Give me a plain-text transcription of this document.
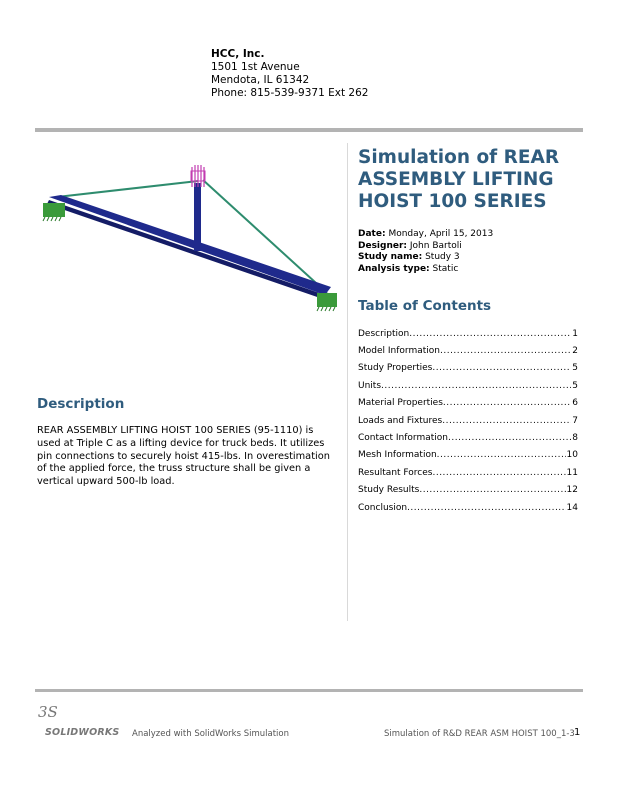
HCC, Inc.
1501 1st Avenue
Mendota, IL 61342
Phone: 815-539-9371 Ext 262
Simulation of REAR ASSEMBLY LIFTING HOIST 100 SERIES
Date: Monday, April 15, 2013
Designer: John Bartoli
Study name: Study 3
Analysis type: Static
Table of Contents
Description .....	1
Model Information .....	2
Study Properties .....	5
Units .....	5
Material Properties .....	6
Loads and Fixtures .....	7
Contact Information .....	8
Mesh Information .....	10
Resultant Forces .....	11
Study Results .....	12
Conclusion .....	14
Description
REAR ASSEMBLY LIFTING HOIST 100 SERIES (95-1110) is used at Triple C as a lifting device for truck beds. It utilizes pin connections to securely hoist 415-lbs. In overestimation of the applied force, the truss structure shall be given a vertical upward 500-lb load.
3S
SOLIDWORKS Analyzed with SolidWorks Simulation	Simulation of R&D REAR ASM HOIST 100_1-3 1
